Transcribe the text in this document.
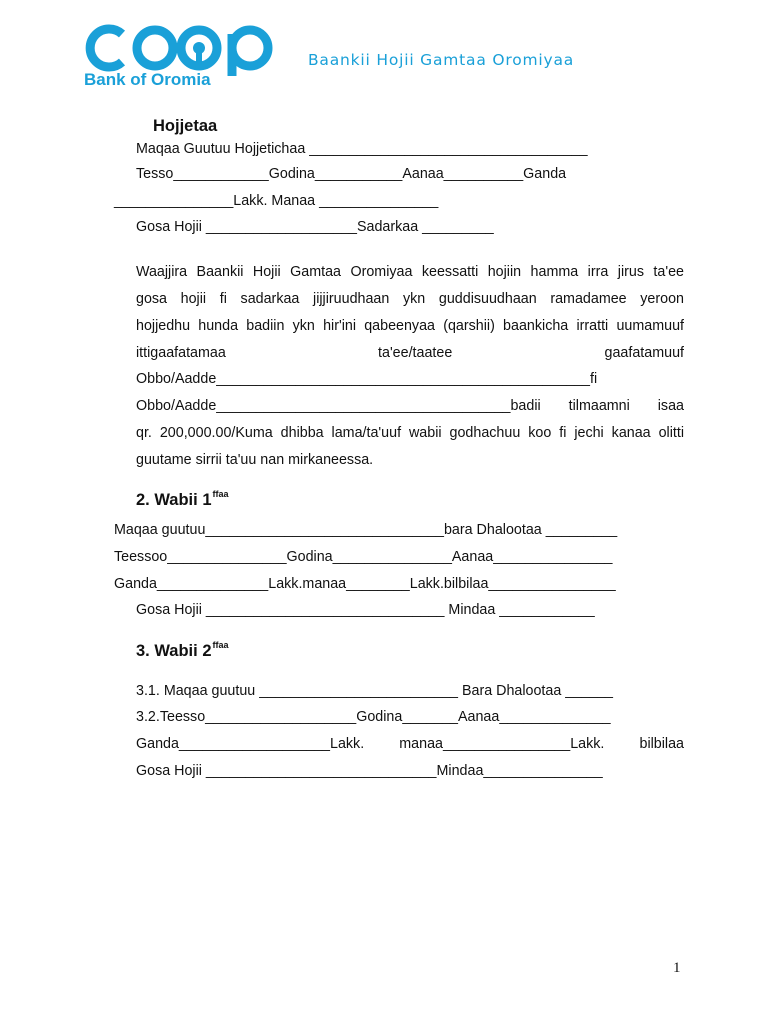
Bank of Oromia
Baankii Hojii Gamtaa Oromiyaa
Hojjetaa
Maqaa Guutuu Hojjetichaa ___________________________________
Tesso____________Godina___________Aanaa__________Ganda
_______________Lakk. Manaa _______________
Gosa Hojii ___________________Sadarkaa _________
Waajjira Baankii Hojii Gamtaa Oromiyaa keessatti hojiin hamma irra jirus ta'ee
gosa hojii fi sadarkaa jijjiruudhaan ykn guddisuudhaan ramadamee yeroon
hojjedhu hunda badiin ykn hir'ini qabeenyaa (qarshii) baankicha irratti uumamuuf
ittigaafatamaa ta'ee/taatee gaafatamuuf
Obbo/Aadde_______________________________________________fi
Obbo/Aadde_____________________________________badii tilmaamni isaa
qr. 200,000.00/Kuma dhibba lama/ta'uuf wabii godhachuu koo fi jechi kanaa olitti
guutame sirrii ta'uu nan mirkaneessa.
2. Wabii $1^{ffaa}$
Maqaa guutuu______________________________bara Dhalootaa _________
Teessoo_______________Godina_______________Aanaa_______________
Ganda______________Lakk.manaa________Lakk.bilbilaa________________
Gosa Hojii ______________________________ Mindaa ____________
3. Wabii $2^{ffaa}$
3.1. Maqaa guutuu _________________________ Bara Dhalootaa ______
3.2.Teesso___________________Godina_______Aanaa______________
Ganda___________________Lakk. manaa________________Lakk. bilbilaa
Gosa Hojii _____________________________Mindaa_______________
1
